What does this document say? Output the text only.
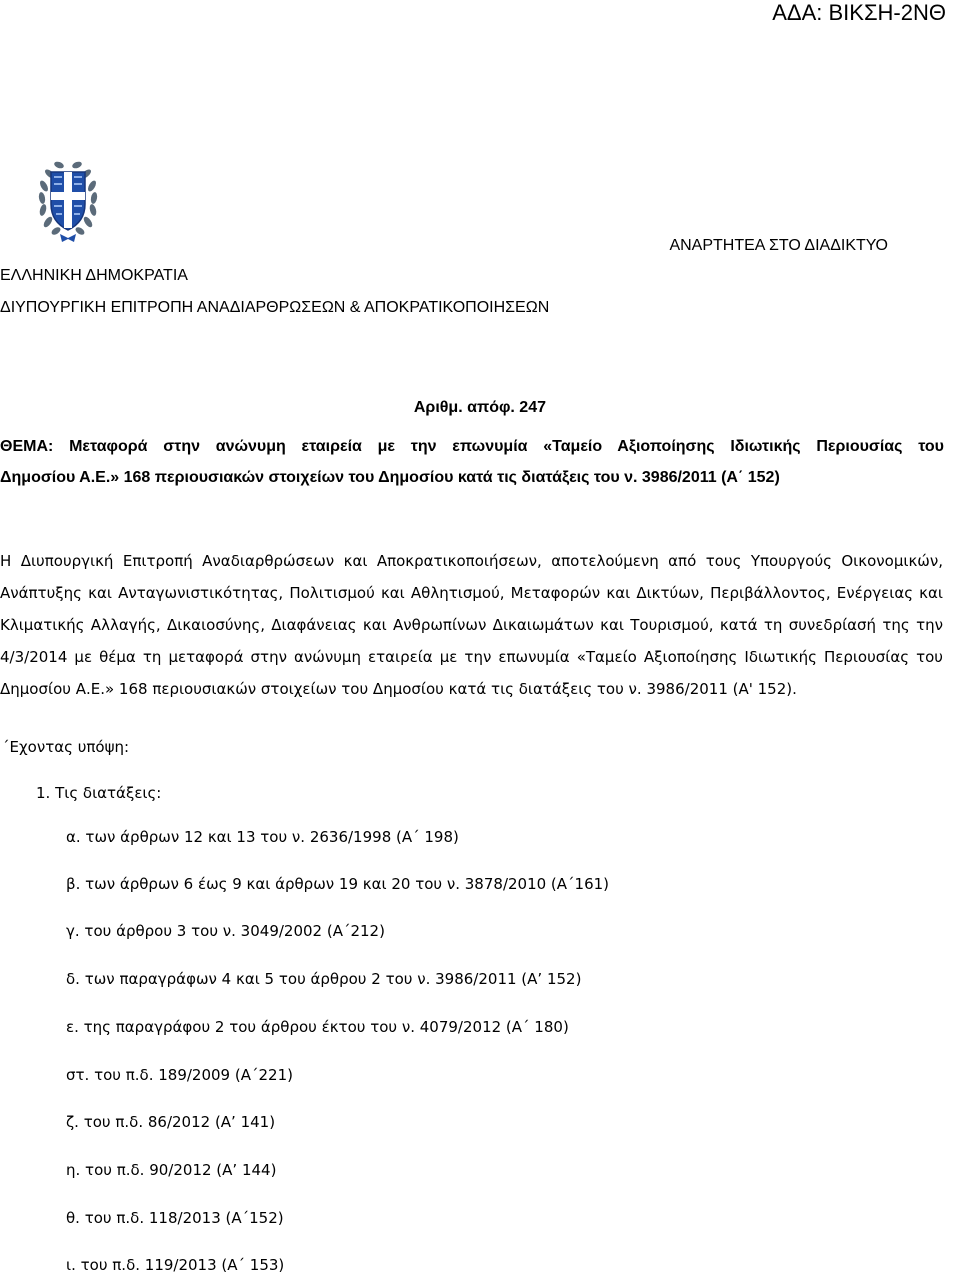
ΑΔΑ: ΒΙΚΣΗ-2ΝΘ
ΑΝΑΡΤΗΤΕΑ ΣΤΟ ΔΙΑΔΙΚΤΥΟ
ΕΛΛΗΝΙΚΗ ΔΗΜΟΚΡΑΤΙΑ
ΔΙΥΠΟΥΡΓΙΚΗ ΕΠΙΤΡΟΠΗ ΑΝΑΔΙΑΡΘΡΩΣΕΩΝ & ΑΠΟΚΡΑΤΙΚΟΠΟΙΗΣΕΩΝ
Αριθμ. απόφ. 247

ΘΕΜΑ: Μεταφορά στην ανώνυμη εταιρεία με την επωνυμία «Ταμείο Αξιοποίησης Ιδιωτικής Περιουσίας του

Δημοσίου Α.Ε.» 168 περιουσιακών στοιχείων του Δημοσίου κατά τις διατάξεις του ν. 3986/2011 (Α΄ 152)

Η Διυπουργική Επιτροπή Αναδιαρθρώσεων και Αποκρατικοποιήσεων, αποτελούμενη από τους Υπουργούς Οικονομικών, Ανάπτυξης και Ανταγωνιστικότητας, Πολιτισμού και Αθλητισμού, Μεταφορών και Δικτύων, Περιβάλλοντος, Ενέργειας και Κλιματικής Αλλαγής, Δικαιοσύνης, Διαφάνειας και Ανθρωπίνων Δικαιωμάτων και Τουρισμού, κατά τη συνεδρίασή της την 4/3/2014 με θέμα τη μεταφορά στην ανώνυμη εταιρεία με την επωνυμία «Ταμείο Αξιοποίησης Ιδιωτικής Περιουσίας του Δημοσίου Α.Ε.» 168 περιουσιακών στοιχείων του Δημοσίου κατά τις διατάξεις του ν. 3986/2011 (Α' 152).

΄Εχοντας υπόψη:
1. Τις διατάξεις:
α. των άρθρων 12 και 13 του ν. 2636/1998 (Α΄ 198)
β. των άρθρων 6 έως 9 και άρθρων 19 και 20 του ν. 3878/2010 (Α΄161)
γ. του άρθρου 3 του ν. 3049/2002 (Α΄212)
δ. των παραγράφων 4 και 5 του άρθρου 2 του ν. 3986/2011 (Α’ 152)
ε. της παραγράφου 2 του άρθρου έκτου του ν. 4079/2012 (Α΄ 180)
στ. του π.δ. 189/2009 (Α΄221)
ζ. του π.δ. 86/2012 (Α’ 141)
η. του π.δ. 90/2012 (Α’ 144)
θ. του π.δ. 118/2013 (Α΄152)
ι. του π.δ. 119/2013 (Α΄ 153)
